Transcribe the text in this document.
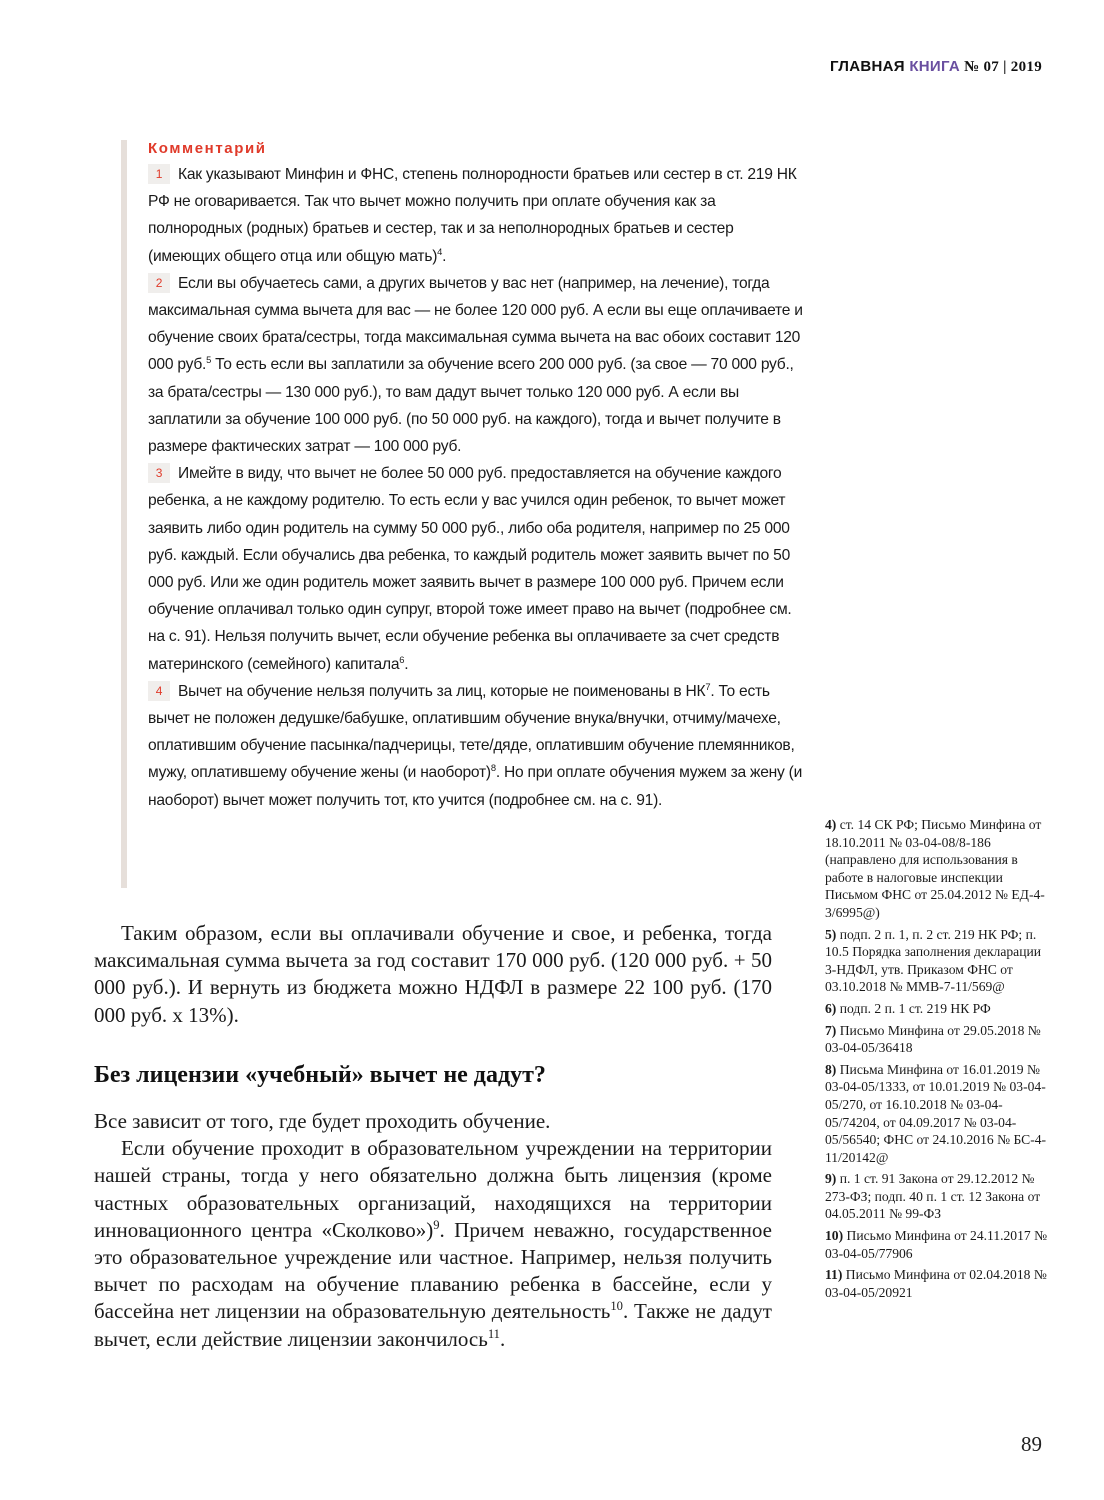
ГЛАВНАЯ КНИГА № 07 | 2019
Комментарий

1 Как указывают Минфин и ФНС, степень полнородности братьев или сестер в ст. 219 НК РФ не оговаривается. Так что вычет можно получить при оплате обучения как за полнородных (родных) братьев и сестер, так и за неполнородных братьев и сестер (имеющих общего отца или общую мать)$^4$.

2 Если вы обучаетесь сами, а других вычетов у вас нет (например, на лечение), тогда максимальная сумма вычета для вас — не более 120 000 руб. А если вы еще оплачиваете и обучение своих брата/сестры, тогда максимальная сумма вычета на вас обоих составит 120 000 руб.$^5$ То есть если вы заплатили за обучение всего 200 000 руб. (за свое — 70 000 руб., за брата/сестры — 130 000 руб.), то вам дадут вычет только 120 000 руб. А если вы заплатили за обучение 100 000 руб. (по 50 000 руб. на каждого), тогда и вычет получите в размере фактических затрат — 100 000 руб.

3 Имейте в виду, что вычет не более 50 000 руб. предоставляется на обучение каждого ребенка, а не каждому родителю. То есть если у вас учился один ребенок, то вычет может заявить либо один родитель на сумму 50 000 руб., либо оба родителя, например по 25 000 руб. каждый. Если обучались два ребенка, то каждый родитель может заявить вычет по 50 000 руб. Или же один родитель может заявить вычет в размере 100 000 руб. Причем если обучение оплачивал только один супруг, второй тоже имеет право на вычет (подробнее см. на с. 91). Нельзя получить вычет, если обучение ребенка вы оплачиваете за счет средств материнского (семейного) капитала$^6$.

4 Вычет на обучение нельзя получить за лиц, которые не поименованы в $НК^7$. То есть вычет не положен дедушке/бабушке, оплатившим обучение внука/внучки, отчиму/мачехе, оплатившим обучение пасынка/падчерицы, тете/дяде, оплатившим обучение племянников, мужу, оплатившему обучение жены (и наоборот)$^8$. Но при оплате обучения мужем за жену (и наоборот) вычет может получить тот, кто учится (подробнее см. на с. 91).

Таким образом, если вы оплачивали обучение и свое, и ребенка, тогда максимальная сумма вычета за год составит 170 000 руб. (120 000 руб. + 50 000 руб.). И вернуть из бюджета можно НДФЛ в размере 22 100 руб. (170 000 руб. х 13%).

Без лицензии «учебный» вычет не дадут?

Все зависит от того, где будет проходить обучение.

Если обучение проходит в образовательном учреждении на территории нашей страны, тогда у него обязательно должна быть лицензия (кроме частных образовательных организаций, находящихся на территории инновационного центра «Сколково»)$^9$. Причем неважно, государственное это образовательное учреждение или частное. Например, нельзя получить вычет по расходам на обучение плаванию ребенка в бассейне, если у бассейна нет лицензии на образовательную деятельность$^{10}$. Также не дадут вычет, если действие лицензии закончилось$^{11}$.

4) ст. 14 СК РФ; Письмо Минфина от 18.10.2011 № 03-04-08/8-186 (направлено для использования в работе в налоговые инспекции Письмом ФНС от 25.04.2012 № ЕД-4-3/6995@)
5) подп. 2 п. 1, п. 2 ст. 219 НК РФ; п. 10.5 Порядка заполнения декларации 3-НДФЛ, утв. Приказом ФНС от 03.10.2018 № ММВ-7-11/569@
6) подп. 2 п. 1 ст. 219 НК РФ
7) Письмо Минфина от 29.05.2018 № 03-04-05/36418
8) Письма Минфина от 16.01.2019 № 03-04-05/1333, от 10.01.2019 № 03-04-05/270, от 16.10.2018 № 03-04-05/74204, от 04.09.2017 № 03-04-05/56540; ФНС от 24.10.2016 № БС-4-11/20142@
9) п. 1 ст. 91 Закона от 29.12.2012 № 273-ФЗ; подп. 40 п. 1 ст. 12 Закона от 04.05.2011 № 99-ФЗ
10) Письмо Минфина от 24.11.2017 № 03-04-05/77906
11) Письмо Минфина от 02.04.2018 № 03-04-05/20921
89
